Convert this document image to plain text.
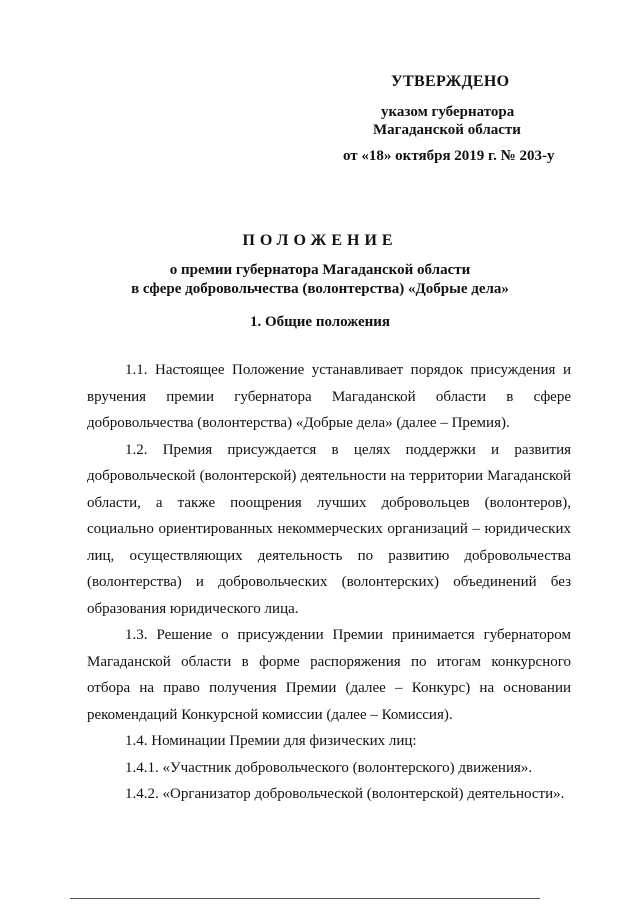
УТВЕРЖДЕНО
указом губернатора
Магаданской области
от «18» октября 2019 г. № 203-у
ПОЛОЖЕНИЕ
о премии губернатора Магаданской области
в сфере добровольчества (волонтерства) «Добрые дела»
1. Общие положения

1.1. Настоящее Положение устанавливает порядок присуждения и вручения премии губернатора Магаданской области в сфере добровольчества (волонтерства) «Добрые дела» (далее – Премия).

1.2. Премия присуждается в целях поддержки и развития добровольческой (волонтерской) деятельности на территории Магаданской области, а также поощрения лучших добровольцев (волонтеров), социально ориентированных некоммерческих организаций – юридических лиц, осуществляющих деятельность по развитию добровольчества (волонтерства) и добровольческих (волонтерских) объединений без образования юридического лица.

1.3. Решение о присуждении Премии принимается губернатором Магаданской области в форме распоряжения по итогам конкурсного отбора на право получения Премии (далее – Конкурс) на основании рекомендаций Конкурсной комиссии (далее – Комиссия).

1.4. Номинации Премии для физических лиц:

1.4.1. «Участник добровольческого (волонтерского) движения».

1.4.2. «Организатор добровольческой (волонтерской) деятельности».
